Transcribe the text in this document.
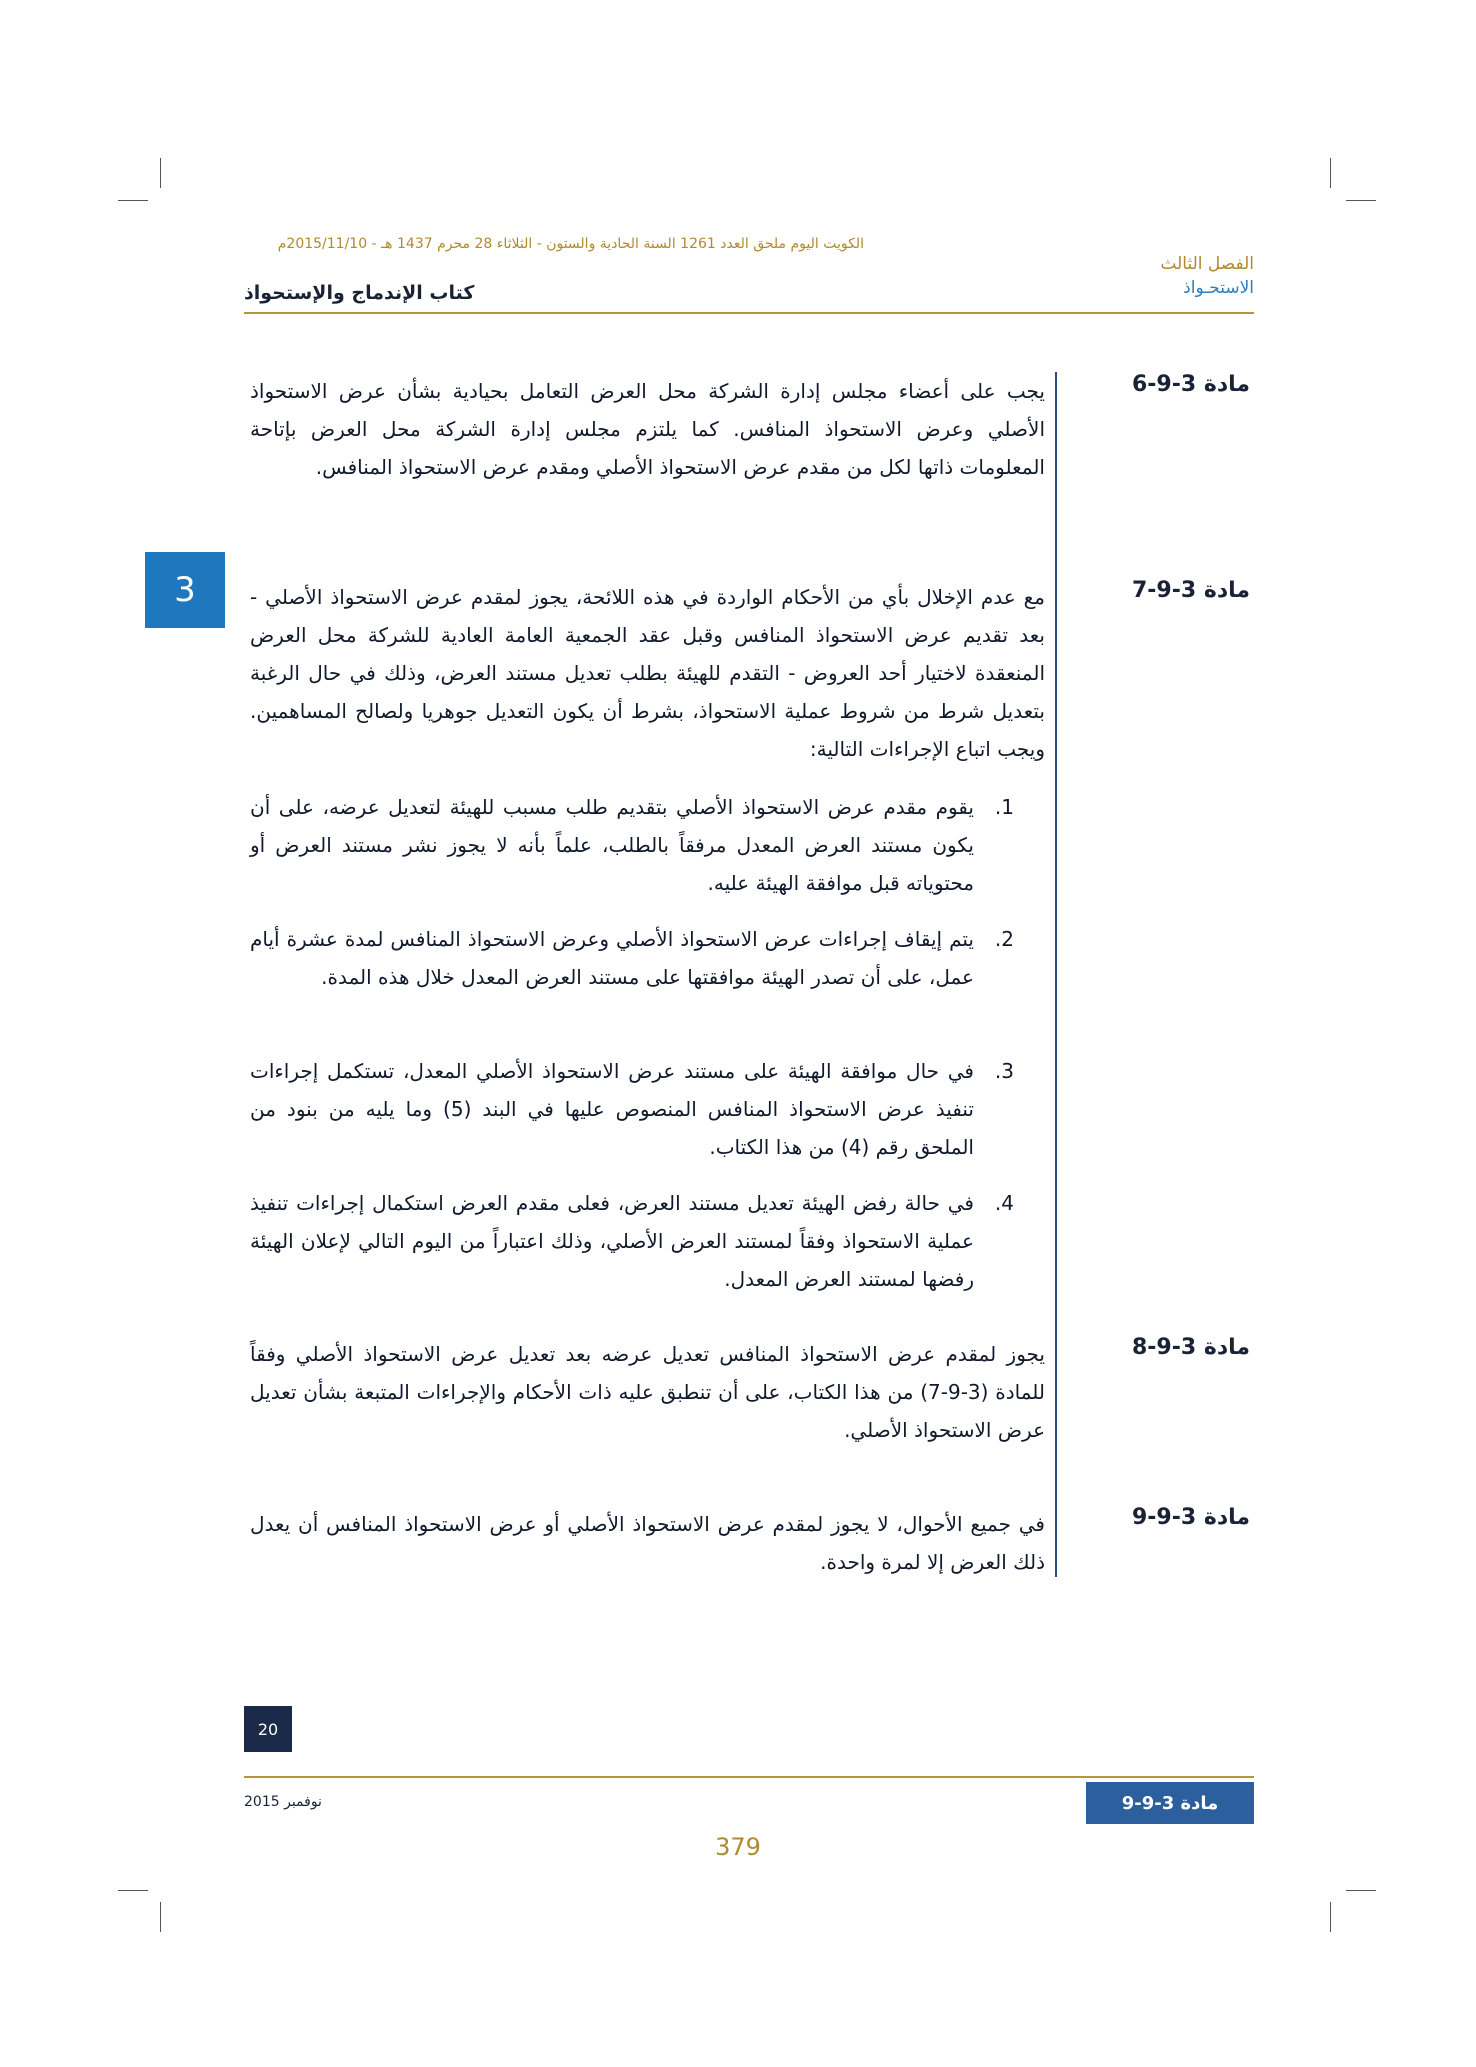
الكويت اليوم ملحق العدد 1261 السنة الحادية والستون - الثلاثاء 28 محرم 1437 هـ - 2015/11/10م
الفصل الثالث
الاستحـواذ
كتاب الإندماج والإستحواذ
3
مادة 3-9-6
يجب على أعضاء مجلس إدارة الشركة محل العرض التعامل بحيادية بشأن عرض الاستحواذ الأصلي وعرض الاستحواذ المنافس. كما يلتزم مجلس إدارة الشركة محل العرض بإتاحة المعلومات ذاتها لكل من مقدم عرض الاستحواذ الأصلي ومقدم عرض الاستحواذ المنافس.
مادة 3-9-7
مع عدم الإخلال بأي من الأحكام الواردة في هذه اللائحة، يجوز لمقدم عرض الاستحواذ الأصلي - بعد تقديم عرض الاستحواذ المنافس وقبل عقد الجمعية العامة العادية للشركة محل العرض المنعقدة لاختيار أحد العروض - التقدم للهيئة بطلب تعديل مستند العرض، وذلك في حال الرغبة بتعديل شرط من شروط عملية الاستحواذ، بشرط أن يكون التعديل جوهريا ولصالح المساهمين. ويجب اتباع الإجراءات التالية:
1.
يقوم مقدم عرض الاستحواذ الأصلي بتقديم طلب مسبب للهيئة لتعديل عرضه، على أن يكون مستند العرض المعدل مرفقاً بالطلب، علماً بأنه لا يجوز نشر مستند العرض أو محتوياته قبل موافقة الهيئة عليه.
2.
يتم إيقاف إجراءات عرض الاستحواذ الأصلي وعرض الاستحواذ المنافس لمدة عشرة أيام عمل، على أن تصدر الهيئة موافقتها على مستند العرض المعدل خلال هذه المدة.
3.
في حال موافقة الهيئة على مستند عرض الاستحواذ الأصلي المعدل، تستكمل إجراءات تنفيذ عرض الاستحواذ المنافس المنصوص عليها في البند (5) وما يليه من بنود من الملحق رقم (4) من هذا الكتاب.
4.
في حالة رفض الهيئة تعديل مستند العرض، فعلى مقدم العرض استكمال إجراءات تنفيذ عملية الاستحواذ وفقاً لمستند العرض الأصلي، وذلك اعتباراً من اليوم التالي لإعلان الهيئة رفضها لمستند العرض المعدل.
مادة 3-9-8
يجوز لمقدم عرض الاستحواذ المنافس تعديل عرضه بعد تعديل عرض الاستحواذ الأصلي وفقاً للمادة (3-9-7) من هذا الكتاب، على أن تنطبق عليه ذات الأحكام والإجراءات المتبعة بشأن تعديل عرض الاستحواذ الأصلي.
مادة 3-9-9
في جميع الأحوال، لا يجوز لمقدم عرض الاستحواذ الأصلي أو عرض الاستحواذ المنافس أن يعدل ذلك العرض إلا لمرة واحدة.
20
نوفمبر 2015	مادة 3-9-9
379
